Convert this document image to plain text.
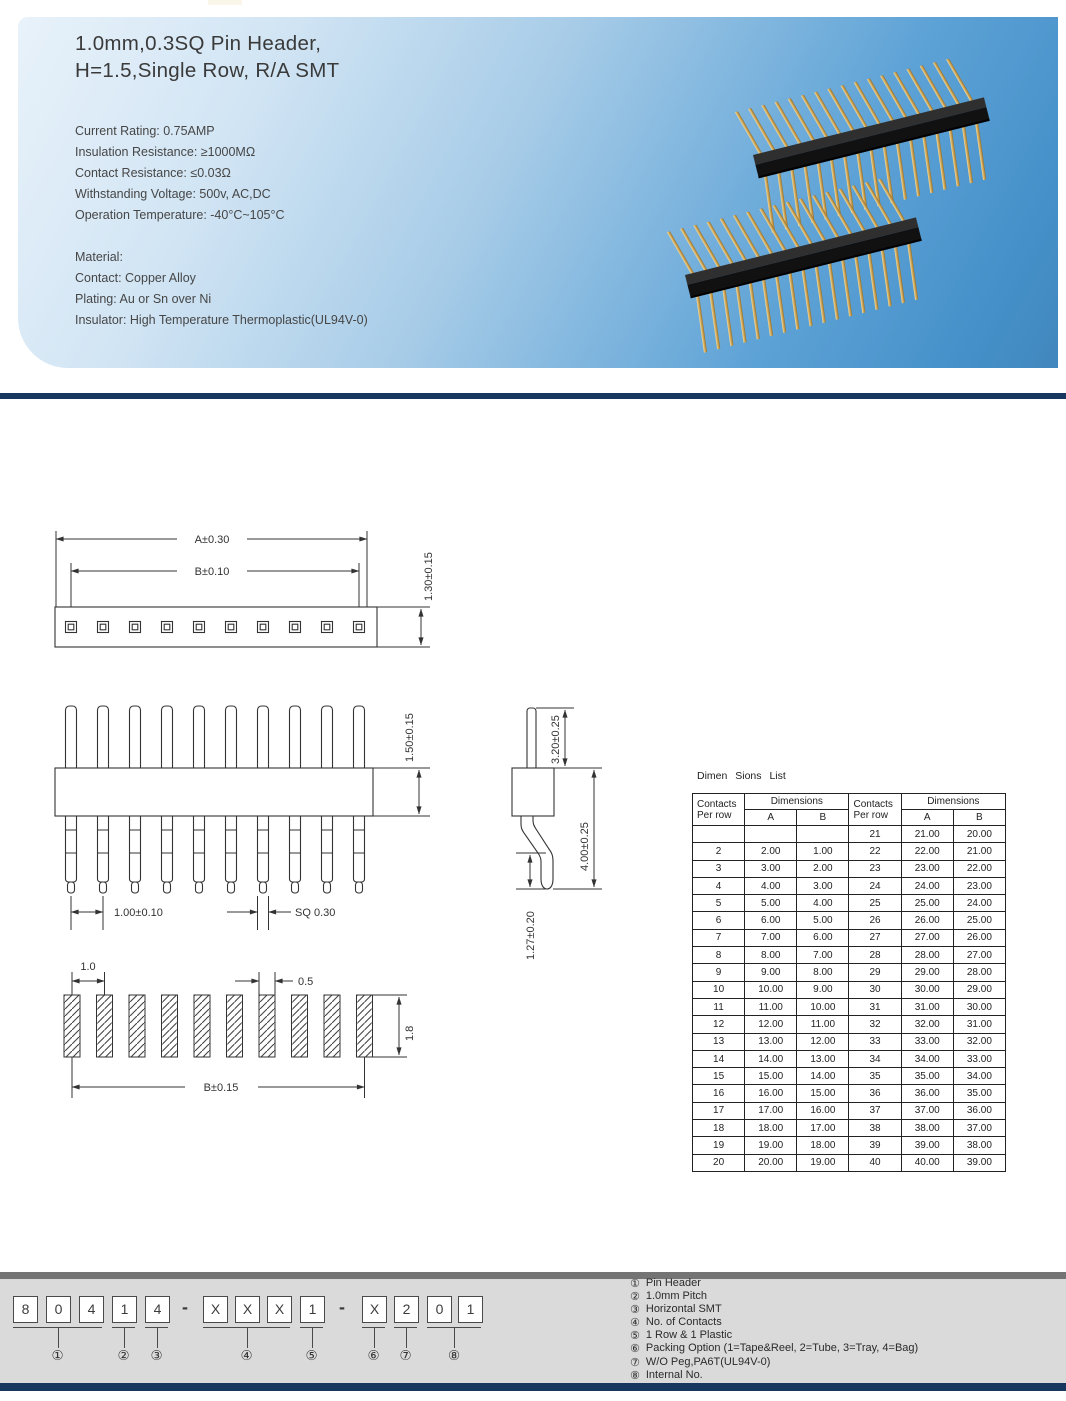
1.0mm,0.3SQ Pin Header,
H=1.5,Single Row, R/A SMT
Current Rating: 0.75AMP
Insulation Resistance: ≥1000MΩ
Contact Resistance: ≤0.03Ω
Withstanding Voltage: 500v, AC,DC
Operation Temperature: -40°C~105°C
Material:
Contact: Copper Alloy
Plating: Au or Sn over Ni
Insulator: High Temperature Thermoplastic(UL94V-0)
A±0.30
B±0.10	1.30±0.15
1.50±0.15
1.00±0.10	SQ 0.30
3.20±0.25
4.00±0.25
1.27±0.20
1.0
0.5
1.8
B±0.15
Dimen Sions List
Contacts
Per row
	Dimensions	Contacts
Per row
	Dimensions
	A	B		A	B
			21	21.00	20.00
2	2.00	1.00	22	22.00	21.00
3	3.00	2.00	23	23.00	22.00
4	4.00	3.00	24	24.00	23.00
5	5.00	4.00	25	25.00	24.00
6	6.00	5.00	26	26.00	25.00
7	7.00	6.00	27	27.00	26.00
8	8.00	7.00	28	28.00	27.00
9	9.00	8.00	29	29.00	28.00
10	10.00	9.00	30	30.00	29.00
11	11.00	10.00	31	31.00	30.00
12	12.00	11.00	32	32.00	31.00
13	13.00	12.00	33	33.00	32.00
14	14.00	13.00	34	34.00	33.00
15	15.00	14.00	35	35.00	34.00
16	16.00	15.00	36	36.00	35.00
17	17.00	16.00	37	37.00	36.00
18	18.00	17.00	38	38.00	37.00
19	19.00	18.00	39	39.00	38.00
20	20.00	19.00	40	40.00	39.00
-	-
8	0	4
①
1
②
4
③
X	X	X
④
1
⑤
X
⑥
2
⑦
0	1
⑧
① Pin Header
② 1.0mm Pitch
③ Horizontal SMT
④ No. of Contacts
⑤ 1 Row & 1 Plastic
⑥ Packing Option (1=Tape&Reel, 2=Tube, 3=Tray, 4=Bag)
⑦ W/O Peg,PA6T(UL94V-0)
⑧ Internal No.
